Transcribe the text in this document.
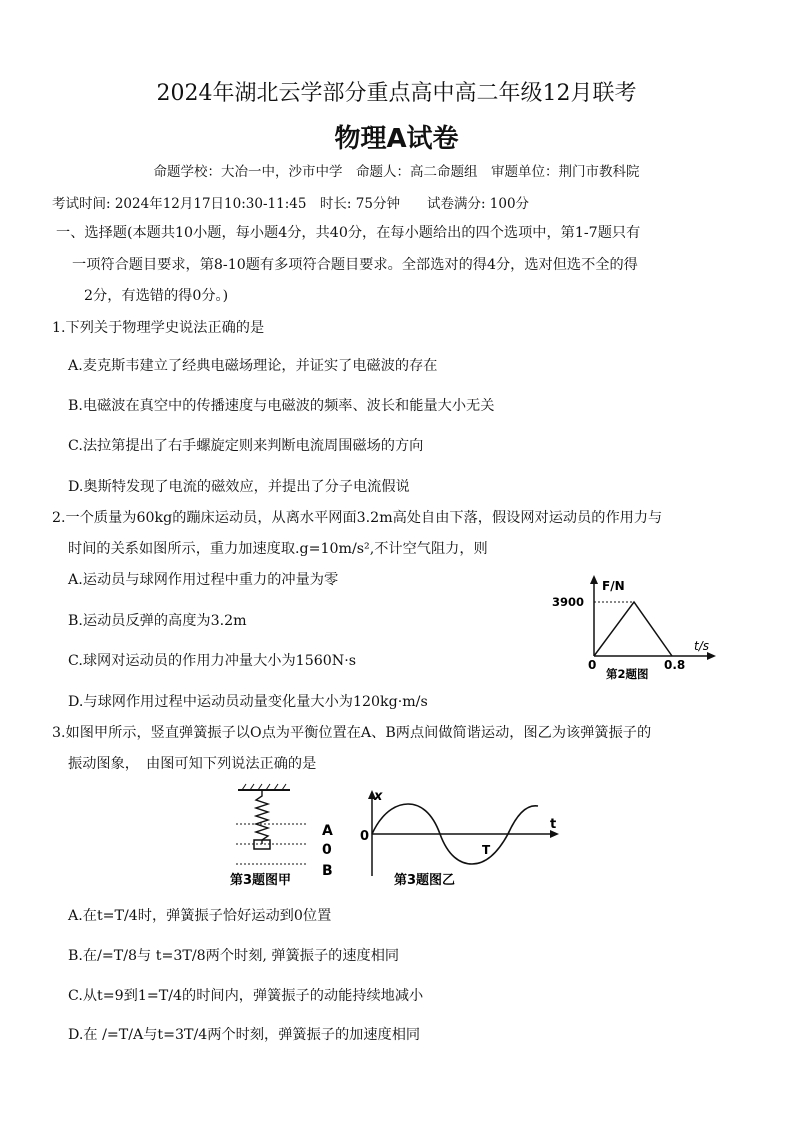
2024年湖北云学部分重点高中高二年级12月联考
物理A试卷
命题学校：大冶一中，沙市中学　命题人：高二命题组　审题单位：荆门市教科院
考试时间: 2024年12月17日10:30-11:45　时长: 75分钟　　试卷满分: 100分
一、选择题(本题共10小题，每小题4分，共40分，在每小题给出的四个选项中，第1-7题只有
一项符合题目要求，第8-10题有多项符合题目要求。全部选对的得4分，选对但选不全的得
2分，有选错的得0分。)
1.下列关于物理学史说法正确的是
A.麦克斯韦建立了经典电磁场理论，并证实了电磁波的存在
B.电磁波在真空中的传播速度与电磁波的频率、波长和能量大小无关
C.法拉第提出了右手螺旋定则来判断电流周围磁场的方向
D.奥斯特发现了电流的磁效应，并提出了分子电流假说
2.一个质量为60kg的蹦床运动员，从离水平网面3.2m高处自由下落，假设网对运动员的作用力与
时间的关系如图所示，重力加速度取.g=10m/s²,不计空气阻力，则
A.运动员与球网作用过程中重力的冲量为零
B.运动员反弹的高度为3.2m
C.球网对运动员的作用力冲量大小为1560N·s
D.与球网作用过程中运动员动量变化量大小为120kg·m/s
F/N
3900
0	0.8
t/s
第2题图
3.如图甲所示，竖直弹簧振子以O点为平衡位置在A、B两点间做简谐运动，图乙为该弹簧振子的
振动图象，　由图可知下列说法正确的是
A
0
B
第3题图甲
x
0
t
T
第3题图乙
A.在t=T/4时，弹簧振子恰好运动到0位置
B.在/=T/8与 t=3T/8两个时刻, 弹簧振子的速度相同
C.从t=9到1=T/4的时间内，弹簧振子的动能持续地减小
D.在 /=T/A与t=3T/4两个时刻，弹簧振子的加速度相同
